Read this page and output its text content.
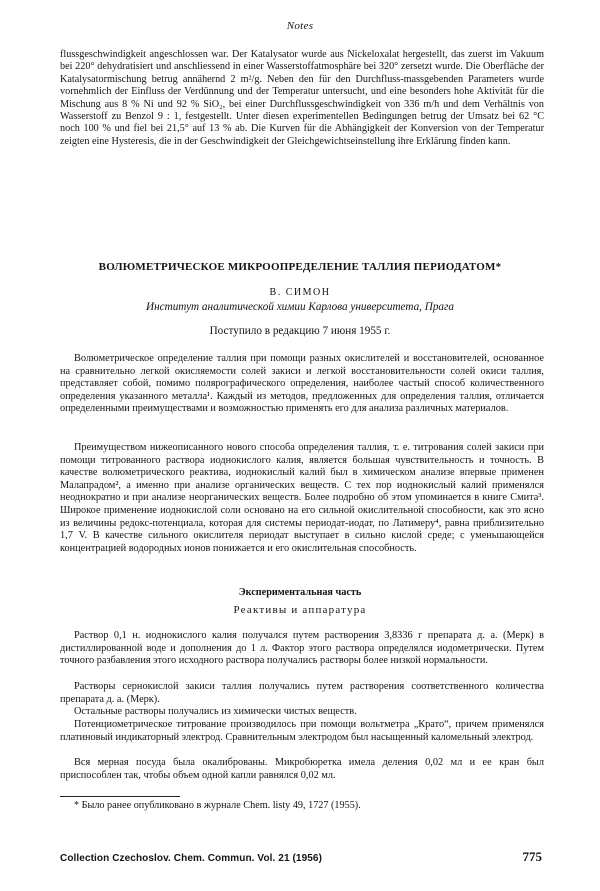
Notes

flussgeschwindigkeit angeschlossen war. Der Katalysator wurde aus Nickeloxalat hergestellt, das zuerst im Vakuum bei 220° dehydratisiert und anschliessend in einer Wasserstoffatmosphäre bei 320° zersetzt wurde. Die Oberfläche der Katalysatormischung betrug annähernd 2 m²/g. Neben den für den Durchfluss-massgebenden Parameters wurde vornehmlich der Einfluss der Verdünnung und der Temperatur untersucht, und eine besonders hohe Aktivität für die Mischung aus 8 % Ni und 92 % SiO₂, bei einer Durchflussgeschwindigkeit von 336 m/h und dem Verhältnis von Wasserstoff zu Benzol 9 : 1, festgestellt. Unter diesen experimentellen Bedingungen betrug der Umsatz bei 62 °C noch 100 % und fiel bei 21,5° auf 13 % ab. Die Kurven für die Abhängigkeit der Konversion von der Temperatur zeigten eine Hysteresis, die in der Geschwindigkeit der Gleichgewichtseinstellung ihre Erklärung finden kann.

ВОЛЮМЕТРИЧЕСКОЕ МИКРООПРЕДЕЛЕНИЕ ТАЛЛИЯ ПЕРИОДАТОМ*
В. СИМОН
Институт аналитической химии Карлова университета, Прага
Поступило в редакцию 7 июня 1955 г.

Волюметрическое определение таллия при помощи разных окислителей и восстановителей, основанное на сравнительно легкой окисляемости солей закиси и легкой восстановительности солей окиси таллия, представляет собой, помимо полярографического определения, наиболее частый способ количественного определения указанного металла¹. Каждый из методов, предложенных для определения таллия, отличается определенными преимуществами и возможностью применять его для анализа различных материалов.

Преимуществом нижеописанного нового способа определения таллия, т. е. титрования солей закиси при помощи титрованного раствора иоднокислого калия, является большая чувствительность и точность. В качестве волюметрического реактива, иоднокислый калий был в химическом анализе впервые применен Малапрадом², а именно при анализе органических веществ. С тех пор иоднокислый калий применялся неоднократно и при анализе неорганических веществ. Более подробно об этом упоминается в книге Смита³. Широкое применение иоднокислой соли основано на его сильной окислительной способности, как это ясно из величины редокс-потенциала, которая для системы периодат-иодат, по Латимеру⁴, равна приблизительно 1,7 V. В качестве сильного окислителя периодат выступает в сильно кислой среде; с уменьшающейся концентрацией водородных ионов понижается и его окислительная способность.

Экспериментальная часть
Реактивы и аппаратура

Раствор 0,1 н. иоднокислого калия получался путем растворения 3,8336 г препарата д. а. (Мерк) в дистиллированной воде и дополнения до 1 л. Фактор этого раствора определялся иодометрически. Путем точного разбавления этого исходного раствора получались растворы более низкой нормальности.

Растворы сернокислой закиси таллия получались путем растворения соответственного количества препарата д. а. (Мерк).

Остальные растворы получались из химически чистых веществ.

Потенциометрическое титрование производилось при помощи вольтметра „Крато“, причем применялся платиновый индикаторный электрод. Сравнительным электродом был насыщенный каломельный электрод.

Вся мерная посуда была окалиброваны. Микробюретка имела деления 0,02 мл и ее кран был приспособлен так, чтобы объем одной капли равнялся 0,02 мл.

* Было ранее опубликовано в журнале Chem. listy 49, 1727 (1955).

Collection Czechoslov. Chem. Commun. Vol. 21 (1956)	775
